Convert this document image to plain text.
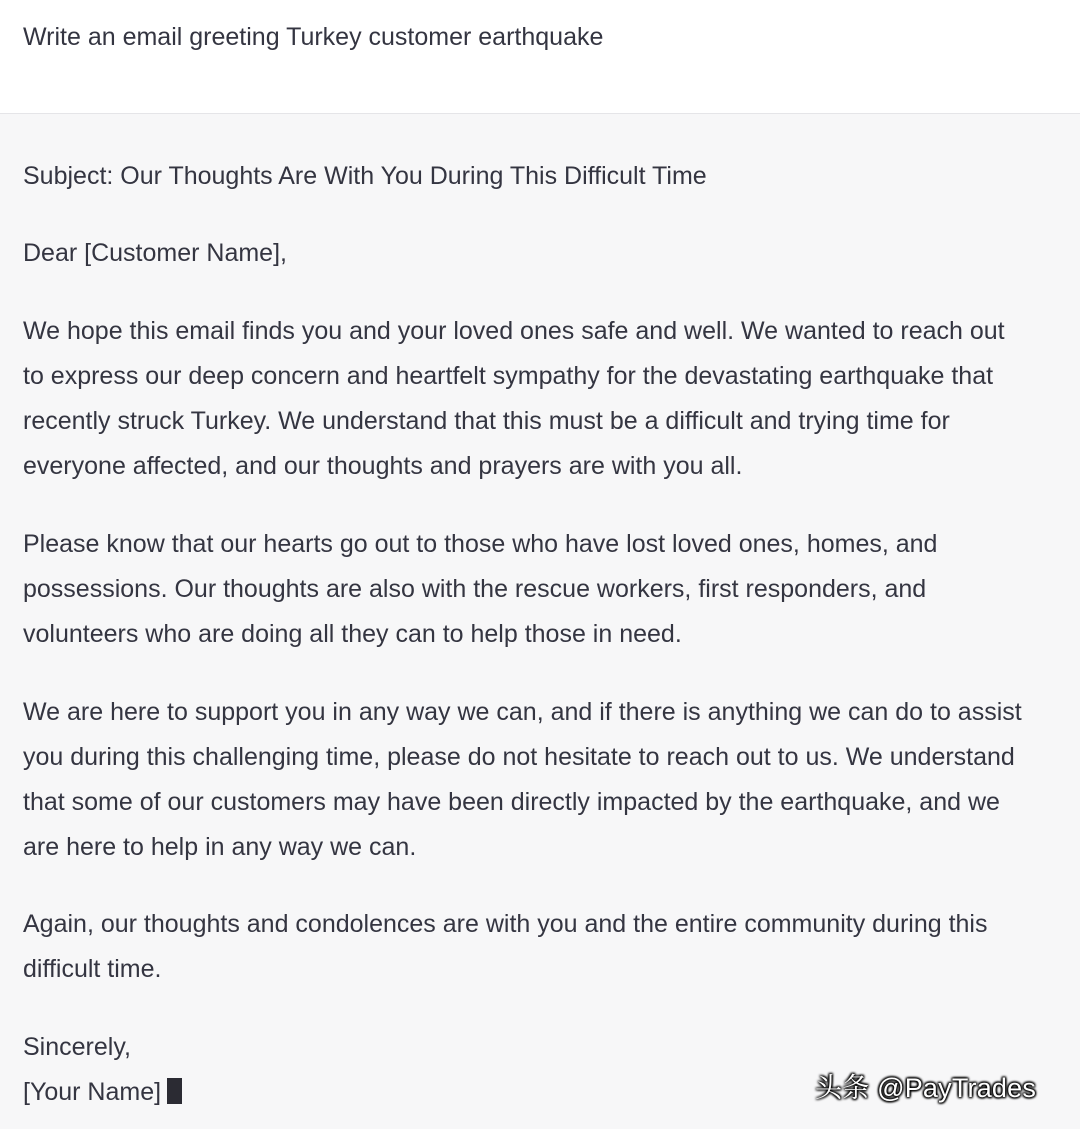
Write an email greeting Turkey customer earthquake
Subject: Our Thoughts Are With You During This Difficult Time
Dear [Customer Name],
We hope this email finds you and your loved ones safe and well. We wanted to reach out
to express our deep concern and heartfelt sympathy for the devastating earthquake that
recently struck Turkey. We understand that this must be a difficult and trying time for
everyone affected, and our thoughts and prayers are with you all.
Please know that our hearts go out to those who have lost loved ones, homes, and
possessions. Our thoughts are also with the rescue workers, first responders, and
volunteers who are doing all they can to help those in need.
We are here to support you in any way we can, and if there is anything we can do to assist
you during this challenging time, please do not hesitate to reach out to us. We understand
that some of our customers may have been directly impacted by the earthquake, and we
are here to help in any way we can.
Again, our thoughts and condolences are with you and the entire community during this
difficult time.
Sincerely,
[Your Name]	头条 @PayTrades
